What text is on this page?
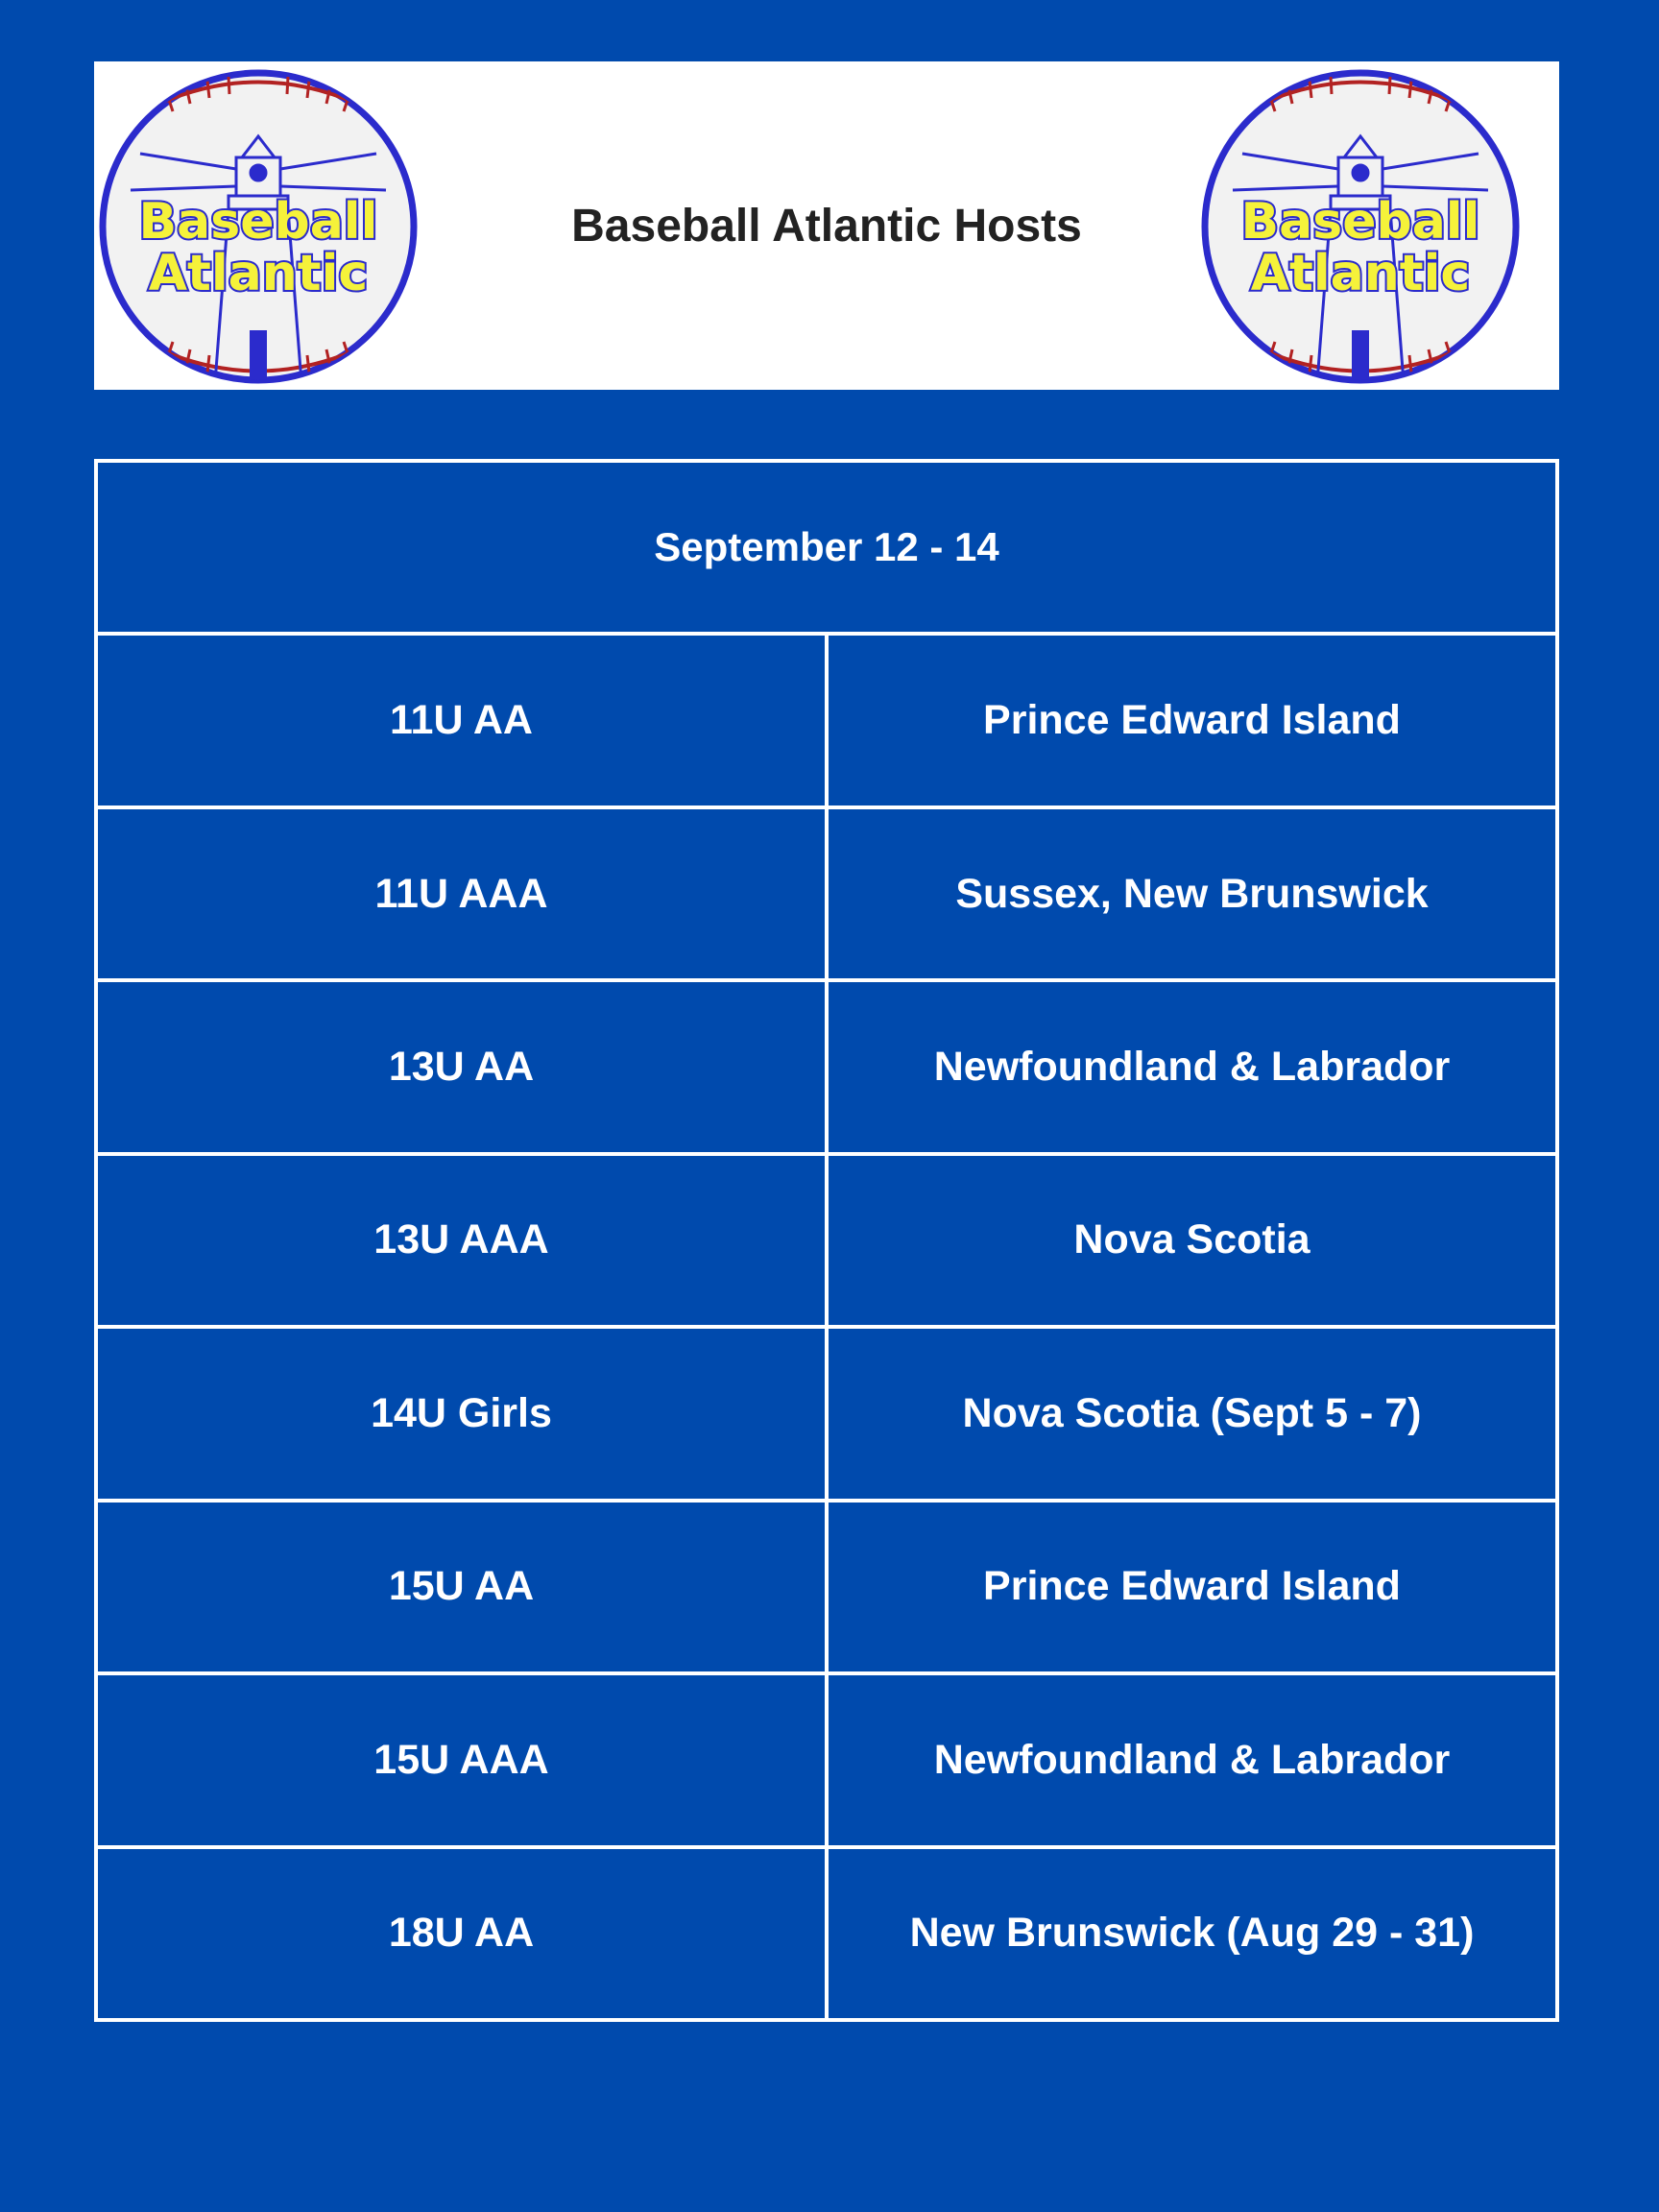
Baseball
Atlantic
Baseball Atlantic Hosts	Baseball
Atlantic
September 12 - 14	
11U AA	Prince Edward Island
11U AAA	Sussex, New Brunswick
13U AA	Newfoundland & Labrador
13U AAA	Nova Scotia
14U Girls	Nova Scotia (Sept 5 - 7)
15U AA	Prince Edward Island
15U AAA	Newfoundland & Labrador
18U AA	New Brunswick (Aug 29 - 31)
